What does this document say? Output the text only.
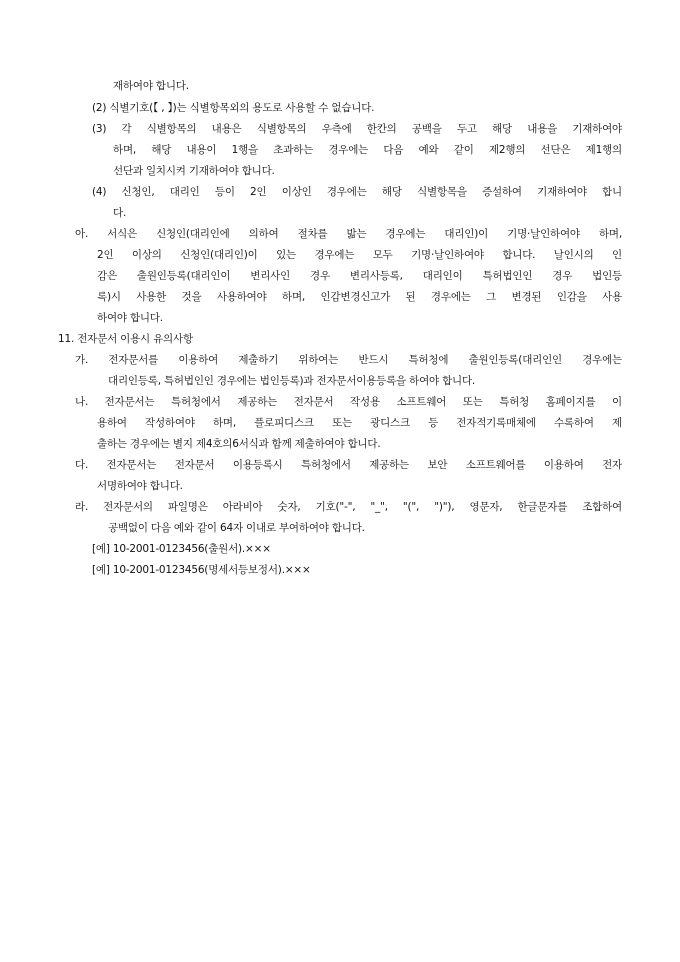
재하여야 합니다.
(2) 식별기호(【 , 】)는 식별항목외의 용도로 사용할 수 없습니다.
(3) 각 식별항목의 내용은 식별항목의 우측에 한칸의 공백을 두고 해당 내용을 기재하여야
하며, 해당 내용이 1행을 초과하는 경우에는 다음 예와 같이 제2행의 선단은 제1행의
선단과 일치시켜 기재하여야 합니다.
(4) 신청인, 대리인 등이 2인 이상인 경우에는 해당 식별항목을 증설하여 기재하여야 합니
다.
아. 서식은 신청인(대리인에 의하여 절차를 밟는 경우에는 대리인)이 기명·날인하여야 하며,
2인 이상의 신청인(대리인)이 있는 경우에는 모두 기명·날인하여야 합니다. 날인시의 인
감은 출원인등록(대리인이 변리사인 경우 변리사등록, 대리인이 특허법인인 경우 법인등
록)시 사용한 것을 사용하여야 하며, 인감변경신고가 된 경우에는 그 변경된 인감을 사용
하여야 합니다.
11. 전자문서 이용시 유의사항
가. 전자문서를 이용하여 제출하기 위하여는 반드시 특허청에 출원인등록(대리인인 경우에는
대리인등록, 특허법인인 경우에는 법인등록)과 전자문서이용등록을 하여야 합니다.
나. 전자문서는 특허청에서 제공하는 전자문서 작성용 소프트웨어 또는 특허청 홈페이지를 이
용하여 작성하여야 하며, 플로피디스크 또는 광디스크 등 전자적기록매체에 수록하여 제
출하는 경우에는 별지 제4호의6서식과 함께 제출하여야 합니다.
다. 전자문서는 전자문서 이용등록시 특허청에서 제공하는 보안 소프트웨어를 이용하여 전자
서명하여야 합니다.
라. 전자문서의 파일명은 아라비아 숫자, 기호("-", "_", "(", ")"), 영문자, 한글문자를 조합하여
공백없이 다음 예와 같이 64자 이내로 부여하여야 합니다.
[예] 10-2001-0123456(출원서).×××
[예] 10-2001-0123456(명세서등보정서).×××
